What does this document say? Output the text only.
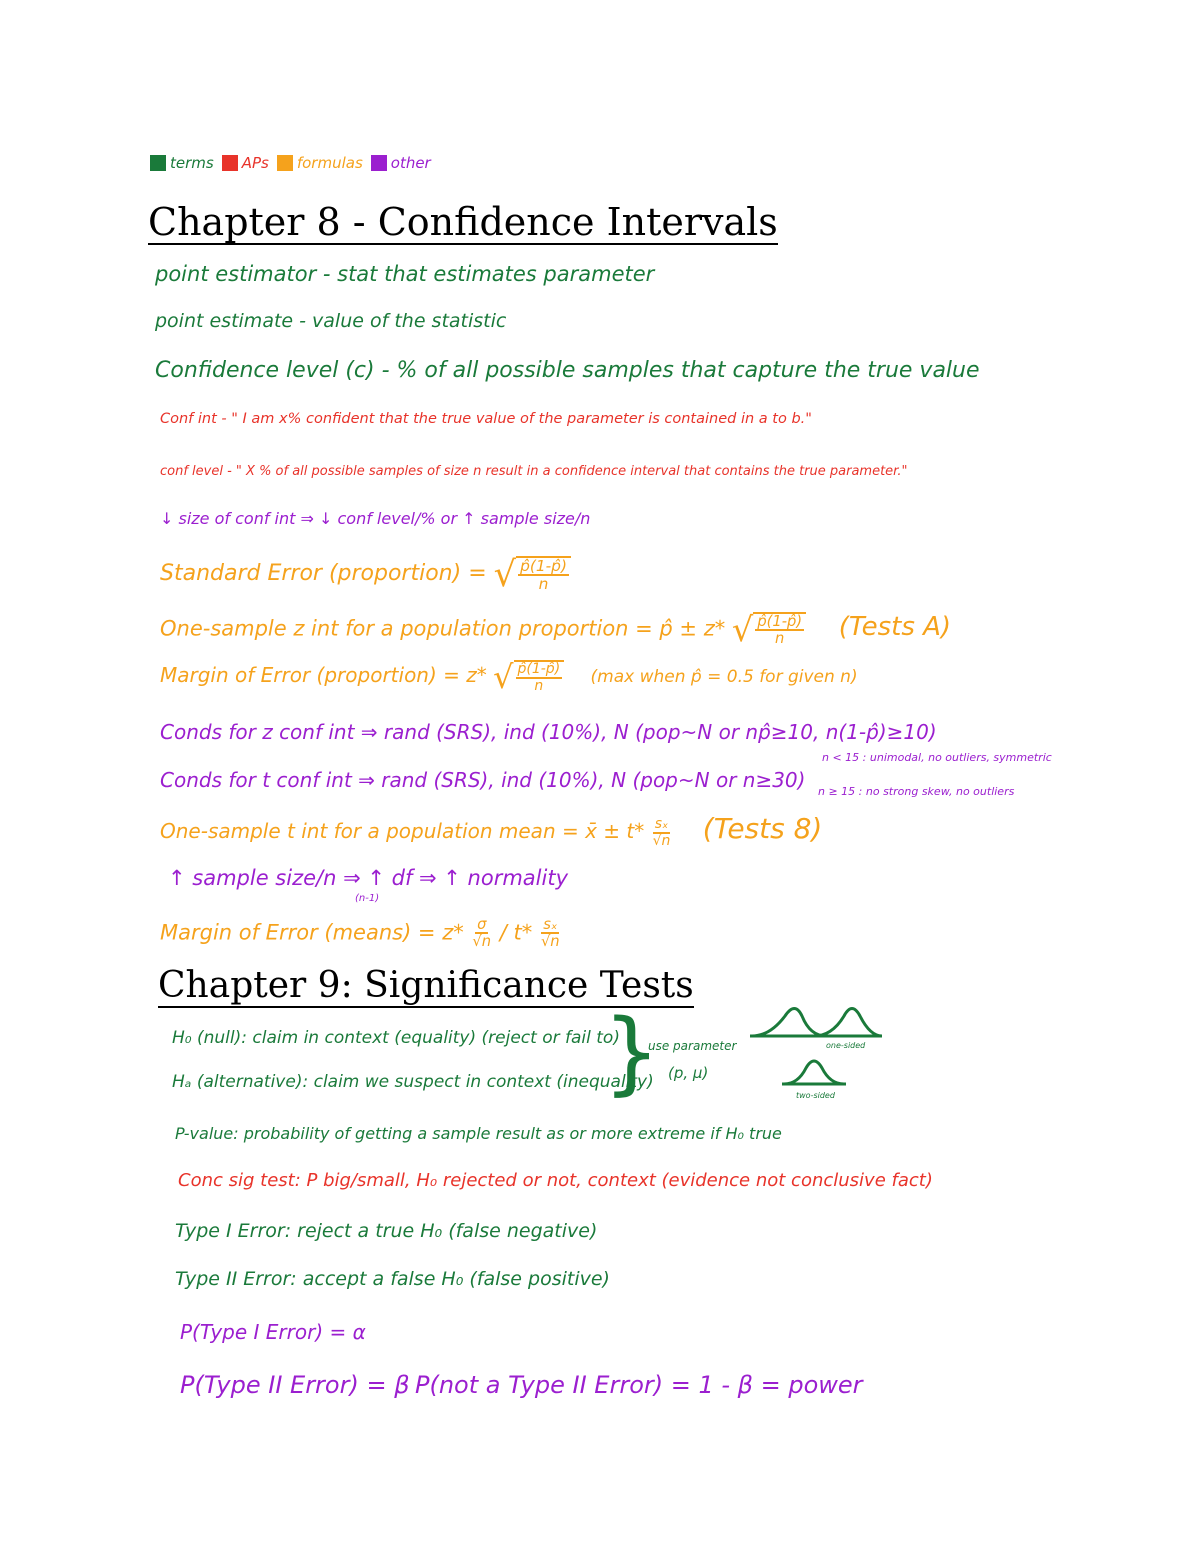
terms APs formulas other
Chapter 8 - Confidence Intervals
point estimator - stat that estimates parameter
point estimate - value of the statistic
Confidence level (c) - % of all possible samples that capture the true value
Conf int - " I am x% confident that the true value of the parameter is contained in a to b."
conf level - " X % of all possible samples of size n result in a confidence interval that contains the true parameter."
↓ size of conf int ⇒ ↓ conf level/% or ↑ sample size/n
Standard Error (proportion) = √ $\frac{p̂(1-p̂)}{n}$
One-sample z int for a population proportion = p̂ ± z* √ $\frac{p̂(1-p̂)}{n}$ (Tests A)
Margin of Error (proportion) = z* √ $\frac{p̂(1-p̂)}{n} (\max$ when p̂ = 0.5 for given n)
Conds for z conf int ⇒ rand (SRS), ind (10%), N (pop~N or np̂≥10, n(1-p̂)≥10)
Conds for t conf int ⇒ rand (SRS), ind (10%), N (pop~N or n≥30)
n < 15 : unimodal, no outliers, symmetric
n ≥ 15 : no strong skew, no outliers
One-sample t int for a population mean = x̄ ± $t* \frac{\text{sₓ}}{√n}$ (Tests 8)
↑ sample size/n ⇒ ↑ df ⇒ ↑ normality
(n-1)
Margin of Error (means) = $z* \frac{\sigma}{√n} / t* \frac{\text{sₓ}}{√n}$
Chapter 9: Significance Tests
H₀ (null): claim in context (equality) (reject or fail to)
Hₐ (alternative): claim we suspect in context (inequality)
}
use parameter
(p, μ)
one-sided
two-sided
P-value: probability of getting a sample result as or more extreme if H₀ true
Conc sig test: P big/small, H₀ rejected or not, context (evidence not conclusive fact)
Type I Error: reject a true H₀ (false negative)
Type II Error: accept a false H₀ (false positive)
P(Type I Error) = α
P(Type II Error) = β P(not a Type II Error) = 1 - β = power
